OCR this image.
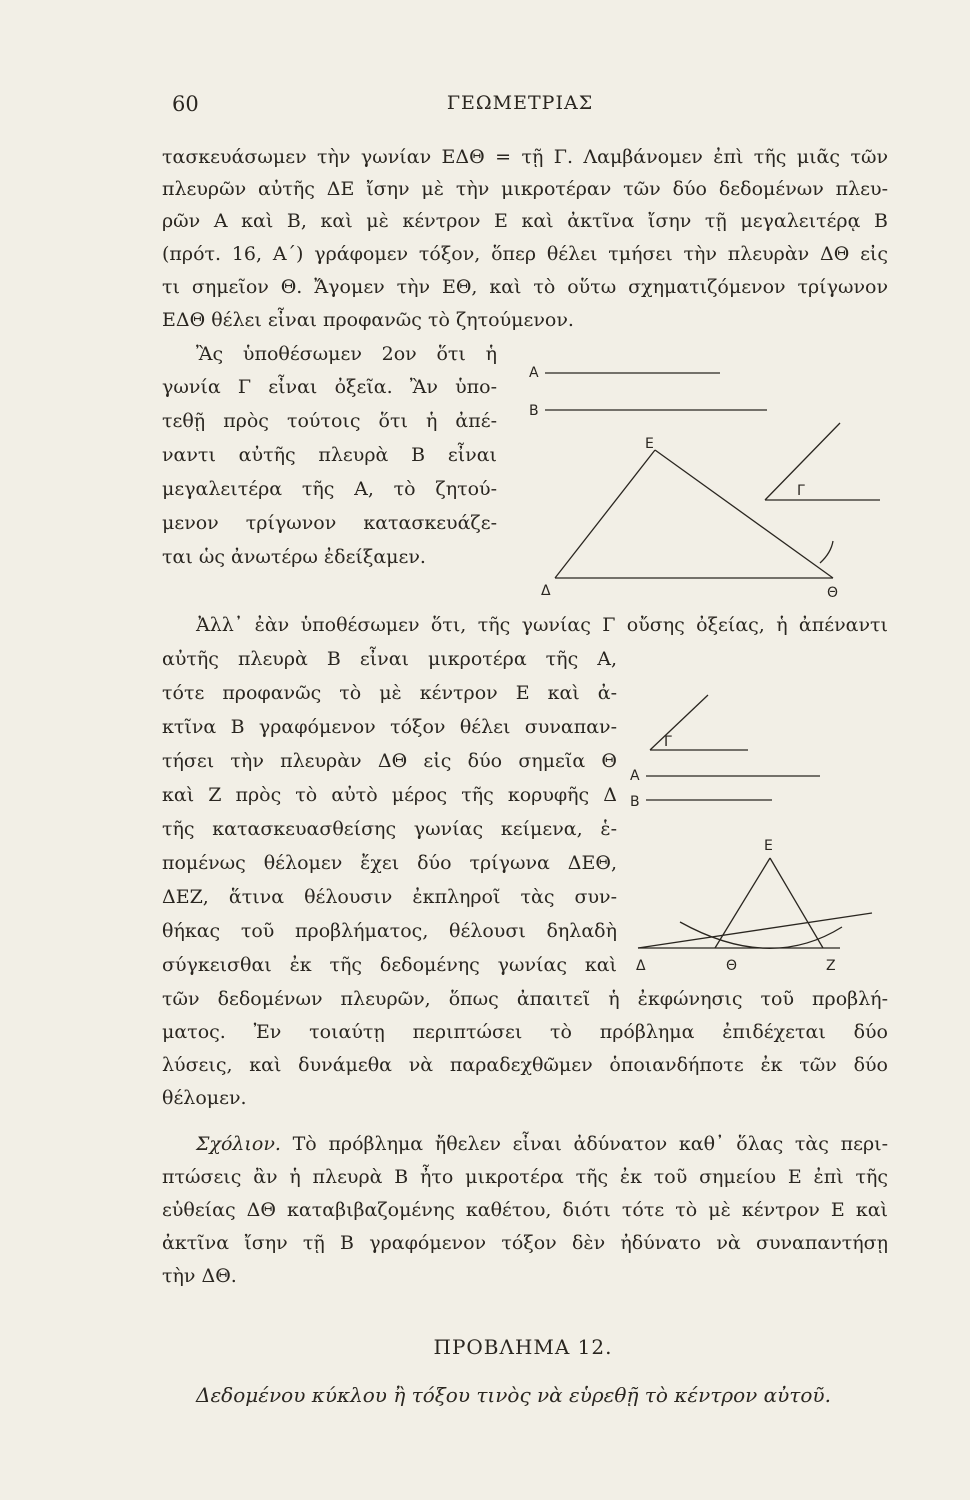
60	ΓΕΩΜΕΤΡΙΑΣ
τασκευάσωμεν τὴν γωνίαν ΕΔΘ = τῇ Γ. Λαμβάνομεν ἐπὶ τῆς μιᾶς τῶν
πλευρῶν αὐτῆς ΔΕ ἴσην μὲ τὴν μικροτέραν τῶν δύο δεδομένων πλευ-
ρῶν Α καὶ Β, καὶ μὲ κέντρον Ε καὶ ἀκτῖνα ἴσην τῇ μεγαλειτέρᾳ Β
(πρότ. 16, Α΄) γράφομεν τόξον, ὅπερ θέλει τμήσει τὴν πλευρὰν ΔΘ εἰς
τι σημεῖον Θ. Ἄγομεν τὴν ΕΘ, καὶ τὸ οὕτω σχηματιζόμενον τρίγωνον
ΕΔΘ θέλει εἶναι προφανῶς τὸ ζητούμενον.
Ἂς ὑποθέσωμεν 2ον ὅτι ἡ
γωνία Γ εἶναι ὀξεῖα. Ἂν ὑπο-
τεθῇ πρὸς τούτοις ὅτι ἡ ἀπέ-
ναντι αὐτῆς πλευρὰ Β εἶναι
μεγαλειτέρα τῆς Α, τὸ ζητού-
μενον τρίγωνον κατασκευάζε-
ται ὡς ἀνωτέρω ἐδείξαμεν.
Α
Β
Ε
Δ	Θ
Γ
Ἀλλ᾽ ἐὰν ὑποθέσωμεν ὅτι, τῆς γωνίας Γ οὔσης ὀξείας, ἡ ἀπέναντι
αὐτῆς πλευρὰ Β εἶναι μικροτέρα τῆς Α,
τότε προφανῶς τὸ μὲ κέντρον Ε καὶ ἀ-
κτῖνα Β γραφόμενον τόξον θέλει συναπαν-
τήσει τὴν πλευρὰν ΔΘ εἰς δύο σημεῖα Θ
καὶ Ζ πρὸς τὸ αὐτὸ μέρος τῆς κορυφῆς Δ
τῆς κατασκευασθείσης γωνίας κείμενα, ἑ-
πομένως θέλομεν ἔχει δύο τρίγωνα ΔΕΘ,
ΔΕΖ, ἅτινα θέλουσιν ἐκπληροῖ τὰς συν-
θήκας τοῦ προβλήματος, θέλουσι δηλαδὴ
σύγκεισθαι ἐκ τῆς δεδομένης γωνίας καὶ
Γ
Α
Β
Ε
Δ	Θ	Ζ
τῶν δεδομένων πλευρῶν, ὅπως ἀπαιτεῖ ἡ ἐκφώνησις τοῦ προβλή-
ματος. Ἐν τοιαύτῃ περιπτώσει τὸ πρόβλημα ἐπιδέχεται δύο
λύσεις, καὶ δυνάμεθα νὰ παραδεχθῶμεν ὁποιανδήποτε ἐκ τῶν δύο
θέλομεν.
Σχόλιον. Τὸ πρόβλημα ἤθελεν εἶναι ἀδύνατον καθ᾽ ὅλας τὰς περι-
πτώσεις ἂν ἡ πλευρὰ Β ἦτο μικροτέρα τῆς ἐκ τοῦ σημείου Ε ἐπὶ τῆς
εὐθείας ΔΘ καταβιβαζομένης καθέτου, διότι τότε τὸ μὲ κέντρον Ε καὶ
ἀκτῖνα ἴσην τῇ Β γραφόμενον τόξον δὲν ἠδύνατο νὰ συναπαντήσῃ
τὴν ΔΘ.
ΠΡΟΒΛΗΜΑ 12.
Δεδομένου κύκλου ἢ τόξου τινὸς νὰ εὑρεθῇ τὸ κέντρον αὐτοῦ.
